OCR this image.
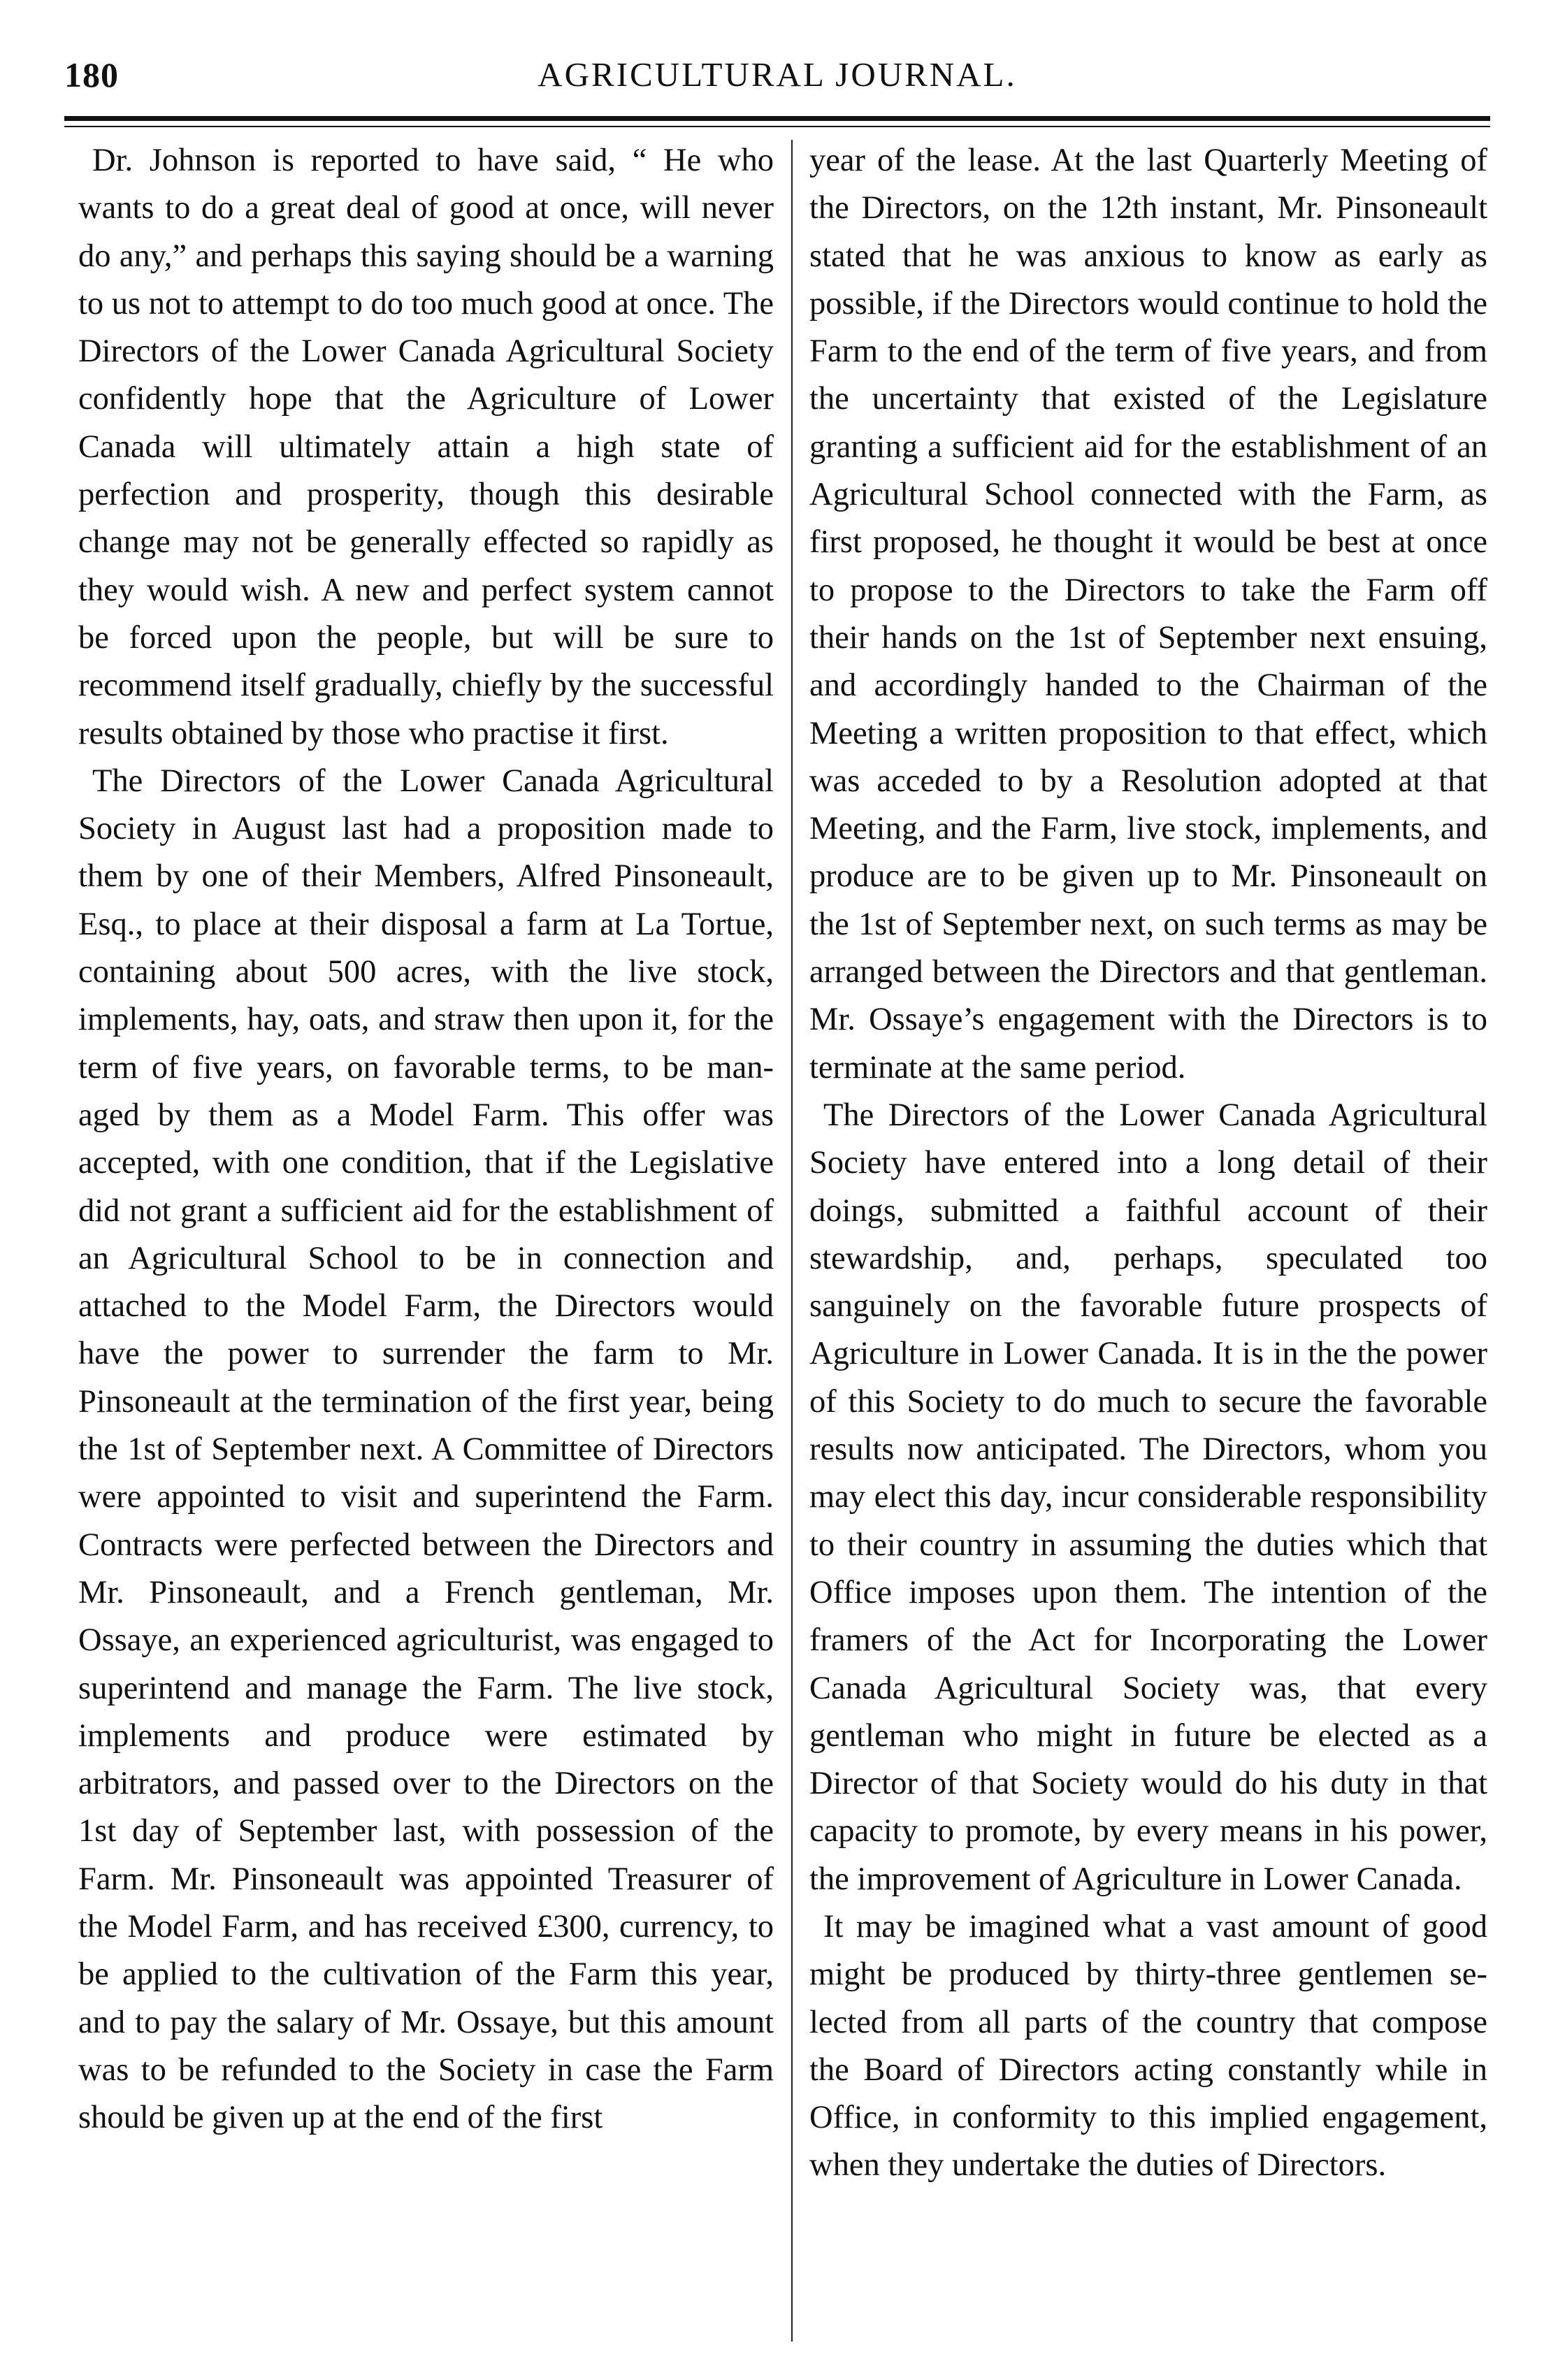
180	AGRICULTURAL JOURNAL.

Dr. Johnson is reported to have said, “ He who wants to do a great deal of good at once, will never do any,” and perhaps this saying should be a warning to us not to attempt to do too much good at once. The Directors of the Lower Canada Agricultural Society confidently hope that the Agriculture of Lower Canada will ultimately attain a high state of perfection and prosperity, though this desirable change may not be generally effected so rapidly as they would wish. A new and perfect system cannot be forced upon the people, but will be sure to recommend itself gradually, chiefly by the successful results obtained by those who practise it first.

The Directors of the Lower Canada Agricultural Society in August last had a proposition made to them by one of their Members, Alfred Pinsoneault, Esq., to place at their disposal a farm at La Tortue, containing about 500 acres, with the live stock, implements, hay, oats, and straw then upon it, for the term of five years, on favorable terms, to be managed by them as a Model Farm. This offer was accepted, with one condition, that if the Legislative did not grant a sufficient aid for the establishment of an Agricultural School to be in connection and attached to the Model Farm, the Directors would have the power to surrender the farm to Mr. Pinsoneault at the termination of the first year, being the 1st of September next. A Committee of Directors were appointed to visit and superintend the Farm. Contracts were perfected between the Directors and Mr. Pinsoneault, and a French gentleman, Mr. Ossaye, an experienced agriculturist, was engaged to superintend and manage the Farm. The live stock, implements and produce were estimated by arbitrators, and passed over to the Directors on the 1st day of September last, with possession of the Farm. Mr. Pinsoneault was appointed Treasurer of the Model Farm, and has received £300, currency, to be applied to the cultivation of the Farm this year, and to pay the salary of Mr. Ossaye, but this amount was to be refunded to the Society in case the Farm should be given up at the end of the first

year of the lease. At the last Quarterly Meeting of the Directors, on the 12th instant, Mr. Pinsoneault stated that he was anxious to know as early as possible, if the Directors would continue to hold the Farm to the end of the term of five years, and from the uncertainty that existed of the Legislature granting a sufficient aid for the establishment of an Agricultural School connected with the Farm, as first proposed, he thought it would be best at once to propose to the Directors to take the Farm off their hands on the 1st of September next ensuing, and accordingly handed to the Chairman of the Meeting a written proposition to that effect, which was acceded to by a Resolution adopted at that Meeting, and the Farm, live stock, implements, and produce are to be given up to Mr. Pinsoneault on the 1st of September next, on such terms as may be arranged between the Directors and that gentleman. Mr. Ossaye’s engagement with the Directors is to terminate at the same period.

The Directors of the Lower Canada Agricultural Society have entered into a long detail of their doings, submitted a faithful account of their stewardship, and, perhaps, speculated too sanguinely on the favorable future prospects of Agriculture in Lower Canada. It is in the the power of this Society to do much to secure the favorable results now anticipated. The Directors, whom you may elect this day, incur considerable responsibility to their country in assuming the duties which that Office imposes upon them. The intention of the framers of the Act for Incorporating the Lower Canada Agricultural Society was, that every gentleman who might in future be elected as a Director of that Society would do his duty in that capacity to promote, by every means in his power, the improvement of Agriculture in Lower Canada.

It may be imagined what a vast amount of good might be produced by thirty-three gentlemen selected from all parts of the country that compose the Board of Directors acting constantly while in Office, in conformity to this implied engagement, when they undertake the duties of Directors.
